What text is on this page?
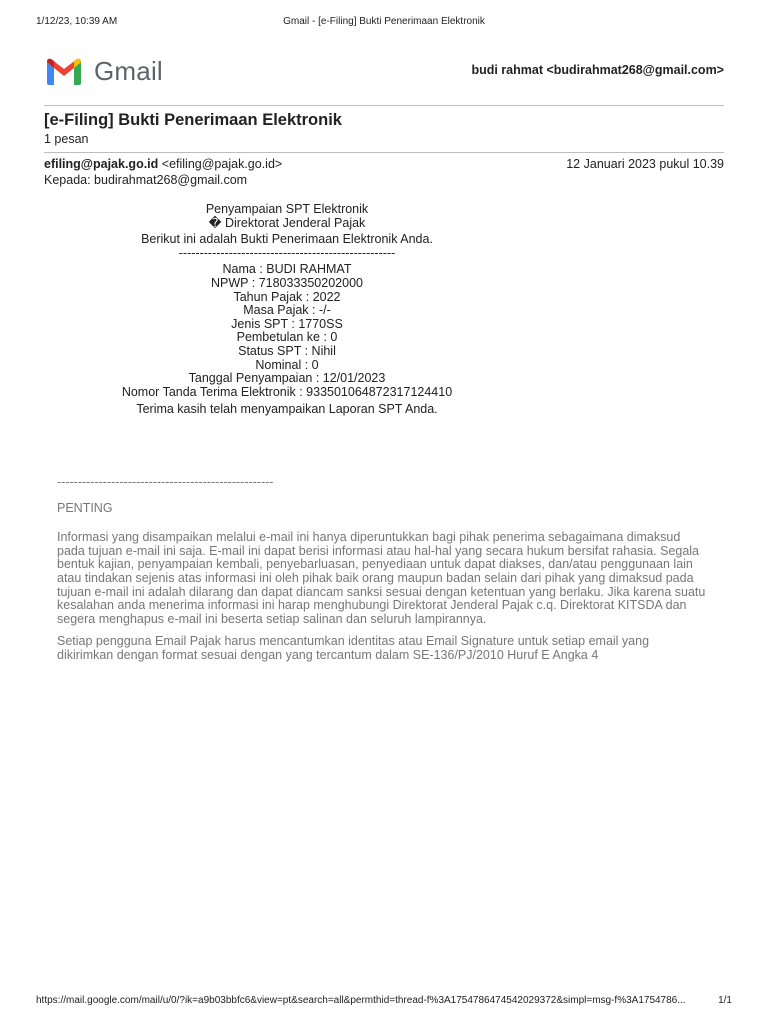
1/12/23, 10:39 AM	Gmail - [e-Filing] Bukti Penerimaan Elektronik
Gmail	budi rahmat <budirahmat268@gmail.com>
[e-Filing] Bukti Penerimaan Elektronik
1 pesan
efiling@pajak.go.id <efiling@pajak.go.id>	12 Januari 2023 pukul 10.39
Kepada: budirahmat268@gmail.com
Penyampaian SPT Elektronik
� Direktorat Jenderal Pajak
Berikut ini adalah Bukti Penerimaan Elektronik Anda.
----------------------------------------------------
Nama : BUDI RAHMAT
NPWP : 718033350202000
Tahun Pajak : 2022
Masa Pajak : -/-
Jenis SPT : 1770SS
Pembetulan ke : 0
Status SPT : Nihil
Nominal : 0
Tanggal Penyampaian : 12/01/2023
Nomor Tanda Terima Elektronik : 933501064872317124410
Terima kasih telah menyampaikan Laporan SPT Anda.

----------------------------------------------------

PENTING

Informasi yang disampaikan melalui e-mail ini hanya diperuntukkan bagi pihak penerima sebagaimana dimaksud
pada tujuan e-mail ini saja. E-mail ini dapat berisi informasi atau hal-hal yang secara hukum bersifat rahasia. Segala
bentuk kajian, penyampaian kembali, penyebarluasan, penyediaan untuk dapat diakses, dan/atau penggunaan lain
atau tindakan sejenis atas informasi ini oleh pihak baik orang maupun badan selain dari pihak yang dimaksud pada
tujuan e-mail ini adalah dilarang dan dapat diancam sanksi sesuai dengan ketentuan yang berlaku. Jika karena suatu
kesalahan anda menerima informasi ini harap menghubungi Direktorat Jenderal Pajak c.q. Direktorat KITSDA dan
segera menghapus e-mail ini beserta setiap salinan dan seluruh lampirannya.
Setiap pengguna Email Pajak harus mencantumkan identitas atau Email Signature untuk setiap email yang
dikirimkan dengan format sesuai dengan yang tercantum dalam SE-136/PJ/2010 Huruf E Angka 4
https://mail.google.com/mail/u/0/?ik=a9b03bbfc6&view=pt&search=all&permthid=thread-f%3A1754786474542029372&simpl=msg-f%3A1754786...	1/1
